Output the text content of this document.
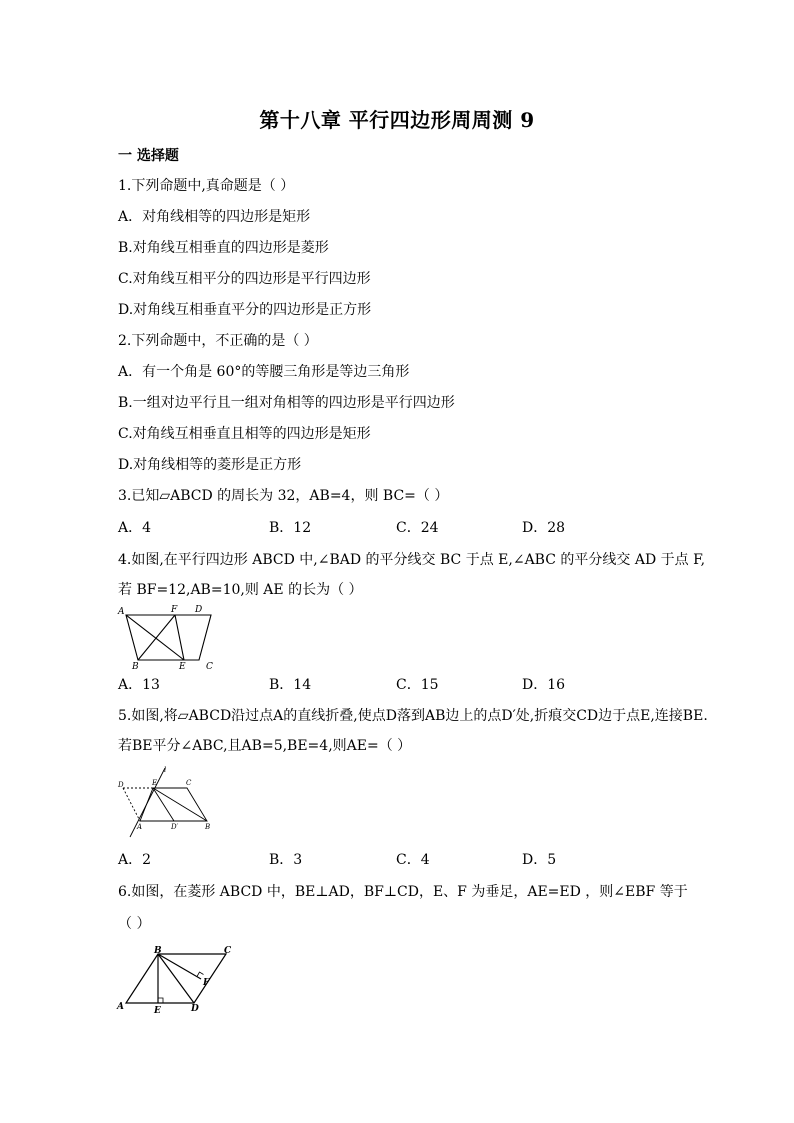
第十八章 平行四边形周周测 9
一 选择题
1.下列命题中,真命题是（ ）
A．对角线相等的四边形是矩形
B.对角线互相垂直的四边形是菱形
C.对角线互相平分的四边形是平行四边形
D.对角线互相垂直平分的四边形是正方形
2.下列命题中，不正确的是（ ）
A．有一个角是 60°的等腰三角形是等边三角形
B.一组对边平行且一组对角相等的四边形是平行四边形
C.对角线互相垂直且相等的四边形是矩形
D.对角线相等的菱形是正方形
3.已知▱ABCD 的周长为 32，AB=4，则 BC=（ ）
A．4	B．12	C．24	D．28
4.如图,在平行四边形 ABCD 中,∠BAD 的平分线交 BC 于点 E,∠ABC 的平分线交 AD 于点 F,
若 BF=12,AB=10,则 AE 的长为（ ）
A	F D
B	E C
A．13	B．14	C．15	D．16
5.如图,将▱ABCD沿过点A的直线折叠,使点D落到AB边上的点D′处,折痕交CD边于点E,连接BE.
若BE平分∠ABC,且AB=5,BE=4,则AE=（ ）
l
D	E	C
A	D′	B
A．2	B．3	C．4	D．5
6.如图，在菱形 ABCD 中，BE⊥AD，BF⊥CD，E、F 为垂足，AE=ED ，则∠EBF 等于
（ ）
B	C
F
A	E	D
